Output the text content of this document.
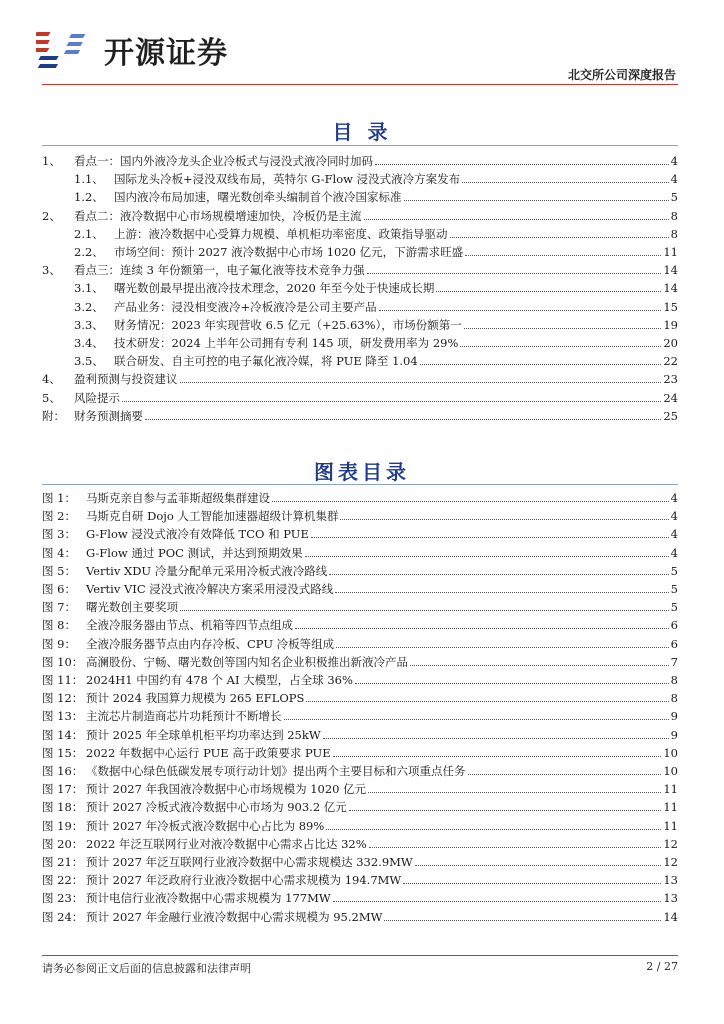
开源证券
北交所公司深度报告
目 录
1、	看点一：国内外液冷龙头企业冷板式与浸没式液冷同时加码	4
1.1、 国际龙头冷板+浸没双线布局，英特尔 G-Flow 浸没式液冷方案发布	4
1.2、 国内液冷布局加速，曙光数创牵头编制首个液冷国家标准	5
2、	看点二：液冷数据中心市场规模增速加快，冷板仍是主流	8
2.1、 上游：液冷数据中心受算力规模、单机柜功率密度、政策指导驱动	8
2.2、 市场空间：预计 2027 液冷数据中心市场 1020 亿元，下游需求旺盛	11
3、	看点三：连续 3 年份额第一，电子氟化液等技术竞争力强	14
3.1、 曙光数创最早提出液冷技术理念，2020 年至今处于快速成长期	14
3.2、 产品业务：浸没相变液冷+冷板液冷是公司主要产品	15
3.3、 财务情况：2023 年实现营收 6.5 亿元（+25.63%），市场份额第一	19
3.4、 技术研发：2024 上半年公司拥有专利 145 项，研发费用率为 29%	20
3.5、 联合研发、自主可控的电子氟化液冷媒，将 PUE 降至 1.04	22
4、	盈利预测与投资建议	23
5、	风险提示	24
附： 财务预测摘要	25
图表目录
图 1： 马斯克亲自参与孟菲斯超级集群建设	4
图 2： 马斯克自研 Dojo 人工智能加速器超级计算机集群	4
图 3： G-Flow 浸没式液冷有效降低 TCO 和 PUE	4
图 4： G-Flow 通过 POC 测试，并达到预期效果	4
图 5： Vertiv XDU 冷量分配单元采用冷板式液冷路线	5
图 6： Vertiv VIC 浸没式液冷解决方案采用浸没式路线	5
图 7： 曙光数创主要奖项	5
图 8： 全液冷服务器由节点、机箱等四节点组成	6
图 9： 全液冷服务器节点由内存冷板、CPU 冷板等组成	6
图 10： 高澜股份、宁畅、曙光数创等国内知名企业积极推出新液冷产品	7
图 11： 2024H1 中国约有 478 个 AI 大模型，占全球 36%	8
图 12： 预计 2024 我国算力规模为 265 EFLOPS	8
图 13： 主流芯片制造商芯片功耗预计不断增长	9
图 14： 预计 2025 年全球单机柜平均功率达到 25kW	9
图 15： 2022 年数据中心运行 PUE 高于政策要求 PUE	10
图 16： 《数据中心绿色低碳发展专项行动计划》提出两个主要目标和六项重点任务	10
图 17： 预计 2027 年我国液冷数据中心市场规模为 1020 亿元	11
图 18： 预计 2027 冷板式液冷数据中心市场为 903.2 亿元	11
图 19： 预计 2027 年冷板式液冷数据中心占比为 89%	11
图 20： 2022 年泛互联网行业对液冷数据中心需求占比达 32%	12
图 21： 预计 2027 年泛互联网行业液冷数据中心需求规模达 332.9MW	12
图 22： 预计 2027 年泛政府行业液冷数据中心需求规模为 194.7MW	13
图 23： 预计电信行业液冷数据中心需求规模为 177MW	13
图 24： 预计 2027 年金融行业液冷数据中心需求规模为 95.2MW	14
请务必参阅正文后面的信息披露和法律声明	2 / 27
